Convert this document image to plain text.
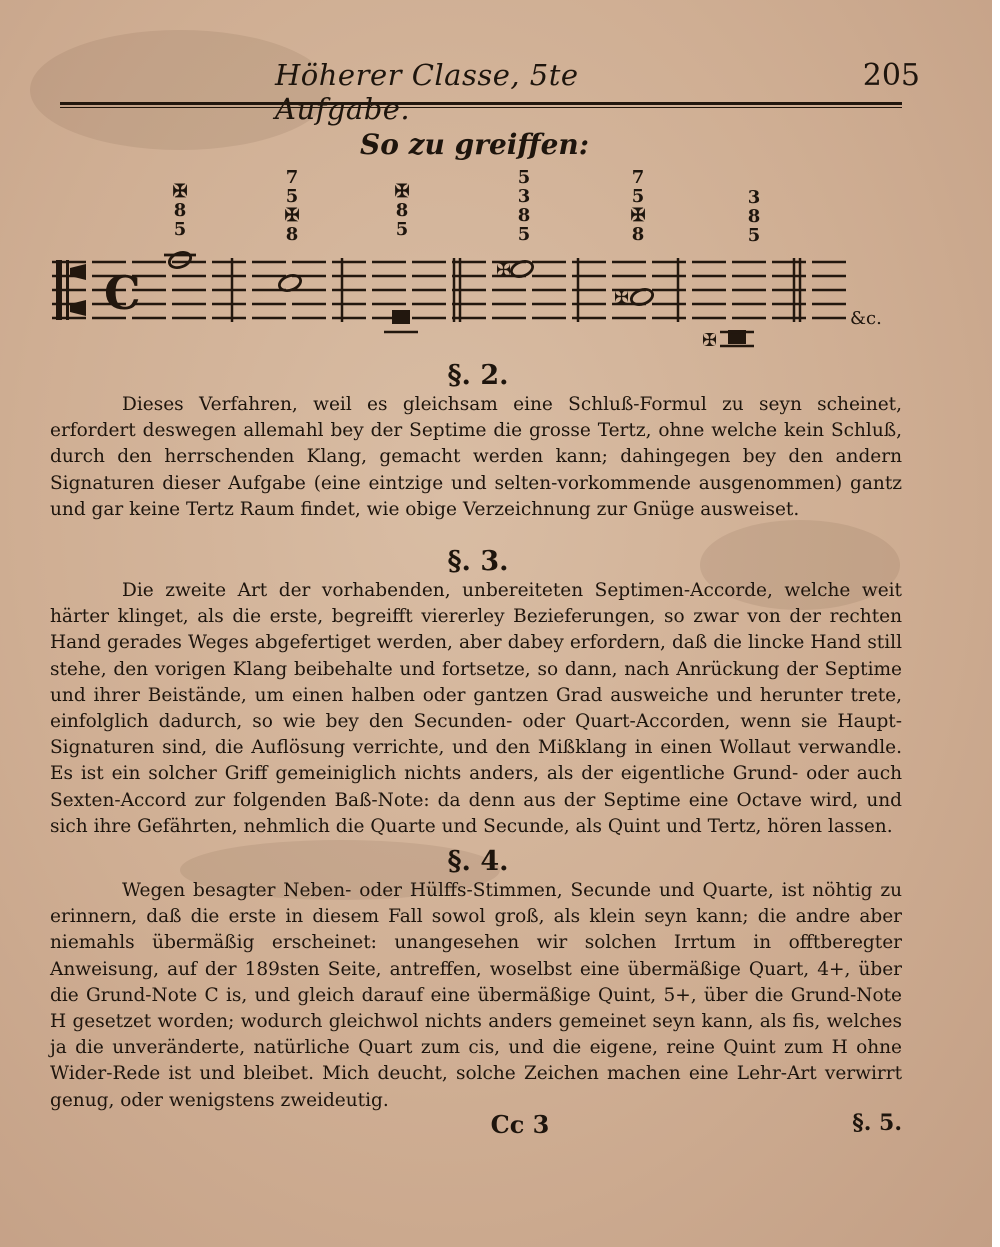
Höherer Classe, 5te Aufgabe.
205
So zu greiffen:
C	✠
✠
✠
✠
8
5
7
5
✠
8
✠
8
5
5
3
8
5
7
5
✠
8
3
8
5
&c.
§. 2.
Dieses Verfahren, weil es gleichsam eine Schluß-Formul zu seyn scheinet, erfordert deswegen allemahl bey der Septime die grosse Tertz, ohne welche kein Schluß, durch den herrschenden Klang, gemacht werden kann; dahingegen bey den andern Signaturen dieser Aufgabe (eine eintzige und selten-vorkommende ausgenommen) gantz und gar keine Tertz Raum findet, wie obige Verzeichnung zur Gnüge ausweiset.
§. 3.
Die zweite Art der vorhabenden, unbereiteten Septimen-Accorde, welche weit härter klinget, als die erste, begreifft viererley Bezieferungen, so zwar von der rechten Hand gerades Weges abgefertiget werden, aber dabey erfordern, daß die lincke Hand still stehe, den vorigen Klang beibehalte und fortsetze, so dann, nach Anrückung der Septime und ihrer Beistände, um einen halben oder gantzen Grad ausweiche und herunter trete, einfolglich dadurch, so wie bey den Secunden- oder Quart-Accorden, wenn sie Haupt-Signaturen sind, die Auflösung verrichte, und den Mißklang in einen Wollaut verwandle. Es ist ein solcher Griff gemeiniglich nichts anders, als der eigentliche Grund- oder auch Sexten-Accord zur folgenden Baß-Note: da denn aus der Septime eine Octave wird, und sich ihre Gefährten, nehmlich die Quarte und Secunde, als Quint und Tertz, hören lassen.
§. 4.
Wegen besagter Neben- oder Hülffs-Stimmen, Secunde und Quarte, ist nöhtig zu erinnern, daß die erste in diesem Fall sowol groß, als klein seyn kann; die andre aber niemahls übermäßig erscheinet: unangesehen wir solchen Irrtum in offtberegter Anweisung, auf der 189sten Seite, antreffen, woselbst eine übermäßige Quart, 4+, über die Grund-Note C is, und gleich darauf eine übermäßige Quint, 5+, über die Grund-Note H gesetzet worden; wodurch gleichwol nichts anders gemeinet seyn kann, als fis, welches ja die unveränderte, natürliche Quart zum cis, und die eigene, reine Quint zum H ohne Wider-Rede ist und bleibet. Mich deucht, solche Zeichen machen eine Lehr-Art verwirrt genug, oder wenigstens zweideutig.
Cc 3	§. 5.
